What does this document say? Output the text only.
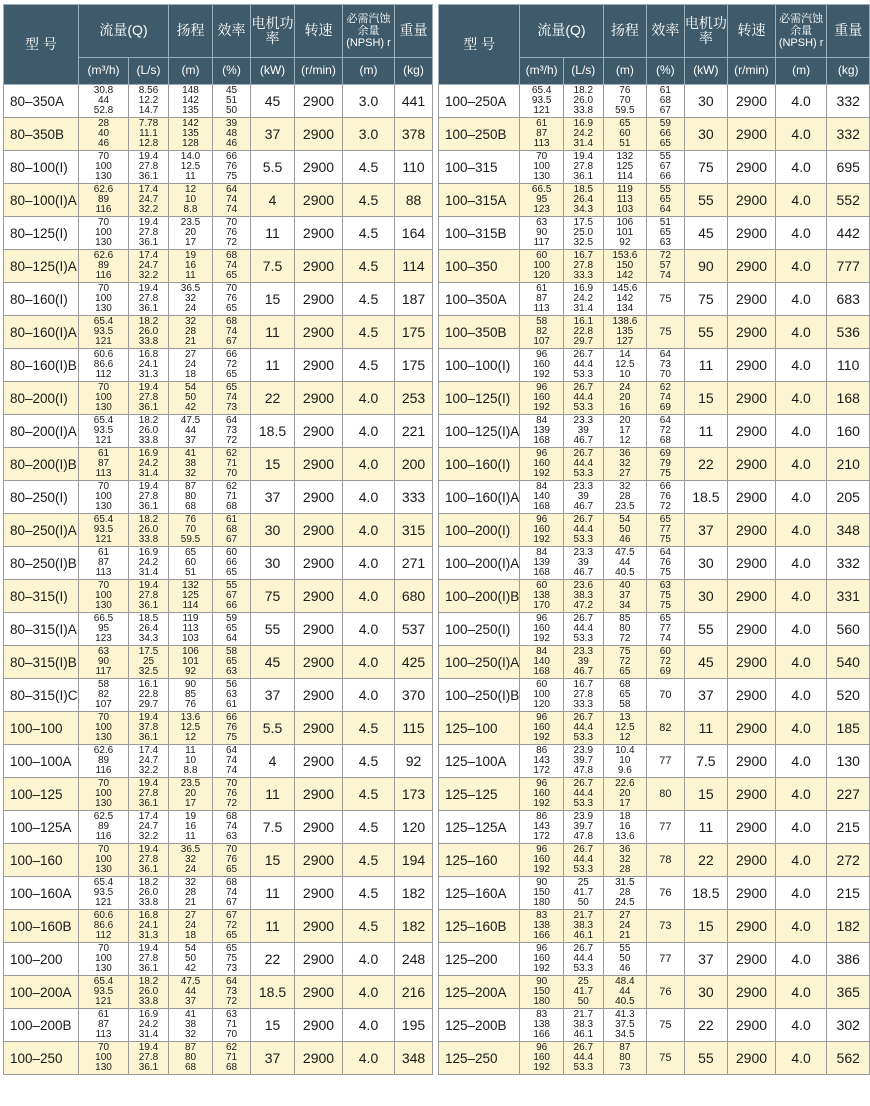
型 号	流量(Q)		扬程	效率	电机功率	转速	必需汽蚀余量(NPSH) r	重量
	(m³/h)	(L/s)	(m)	(%)	(kW)	(r/min)	(m)	(kg)
80–350A	30.8
44
52.8	8.56
12.2
14.7	148
142
135	45
51
50	45	2900	3.0	441
80–350B	28
40
46	7.78
11.1
12.8	142
135
128	39
48
46	37	2900	3.0	378
80–100(I)	70
100
130	19.4
27.8
36.1	14.0
12.5
11	66
76
75	5.5	2900	4.5	110
80–100(I)A	62.6
89
116	17.4
24.7
32.2	12
10
8.8	64
74
74	4	2900	4.5	88
80–125(I)	70
100
130	19.4
27.8
36.1	23.5
20
17	70
76
72	11	2900	4.5	164
80–125(I)A	62.6
89
116	17.4
24.7
32.2	19
16
11	68
74
65	7.5	2900	4.5	114
80–160(I)	70
100
130	19.4
27.8
36.1	36.5
32
24	70
76
65	15	2900	4.5	187
80–160(I)A	65.4
93.5
121	18.2
26.0
33.8	32
28
21	68
74
67	11	2900	4.5	175
80–160(I)B	60.6
86.6
112	16.8
24.1
31.3	27
24
18	66
72
65	11	2900	4.5	175
80–200(I)	70
100
130	19.4
27.8
36.1	54
50
42	65
74
73	22	2900	4.0	253
80–200(I)A	65.4
93.5
121	18.2
26.0
33.8	47.5
44
37	64
73
72	18.5	2900	4.0	221
80–200(I)B	61
87
113	16.9
24.2
31.4	41
38
32	62
71
70	15	2900	4.0	200
80–250(I)	70
100
130	19.4
27.8
36.1	87
80
68	62
71
68	37	2900	4.0	333
80–250(I)A	65.4
93.5
121	18.2
26.0
33.8	76
70
59.5	61
68
67	30	2900	4.0	315
80–250(I)B	61
87
113	16.9
24.2
31.4	65
60
51	60
66
65	30	2900	4.0	271
80–315(I)	70
100
130	19.4
27.8
36.1	132
125
114	55
67
66	75	2900	4.0	680
80–315(I)A	66.5
95
123	18.5
26.4
34.3	119
113
103	59
65
64	55	2900	4.0	537
80–315(I)B	63
90
117	17.5
25
32.5	106
101
92	58
65
63	45	2900	4.0	425
80–315(I)C	58
82
107	16.1
22.8
29.7	90
85
76	56
63
61	37	2900	4.0	370
100–100	70
100
130	19.4
37.8
36.1	13.6
12.5
12	66
76
75	5.5	2900	4.5	115
100–100A	62.6
89
116	17.4
24.7
32.2	11
10
8.8	64
74
74	4	2900	4.5	92
100–125	70
100
130	19.4
27.8
36.1	23.5
20
17	70
76
72	11	2900	4.5	173
100–125A	62.5
89
116	17.4
24.7
32.2	19
16
11	68
74
63	7.5	2900	4.5	120
100–160	70
100
130	19.4
27.8
36.1	36.5
32
24	70
76
65	15	2900	4.5	194
100–160A	65.4
93.5
121	18.2
26.0
33.8	32
28
21	68
74
67	11	2900	4.5	182
100–160B	60.6
86.6
112	16.8
24.1
31.3	27
24
18	67
72
65	11	2900	4.5	182
100–200	70
100
130	19.4
27.8
36.1	54
50
42	65
75
73	22	2900	4.0	248
100–200A	65.4
93.5
121	18.2
26.0
33.8	47.5
44
37	64
73
72	18.5	2900	4.0	216
100–200B	61
87
113	16.9
24.2
31.4	41
38
32	63
71
70	15	2900	4.0	195
100–250	70
100
130	19.4
27.8
36.1	87
80
68	62
71
68	37	2900	4.0	348
型 号	流量(Q)		扬程	效率	电机功率	转速	必需汽蚀余量(NPSH) r	重量
	(m³/h)	(L/s)	(m)	(%)	(kW)	(r/min)	(m)	(kg)
100–250A	65.4
93.5
121	18.2
26.0
33.8	76
70
59.5	61
68
67	30	2900	4.0	332
100–250B	61
87
113	16.9
24.2
31.4	65
60
51	59
66
65	30	2900	4.0	332
100–315	70
100
130	19.4
27.8
36.1	132
125
114	55
67
66	75	2900	4.0	695
100–315A	66.5
95
123	18.5
26.4
34.3	119
113
103	55
65
64	55	2900	4.0	552
100–315B	63
90
117	17.5
25.0
32.5	106
101
92	51
65
63	45	2900	4.0	442
100–350	60
100
120	16.7
27.8
33.3	153.6
150
142	72
57
74	90	2900	4.0	777
100–350A	61
87
113	16.9
24.2
31.4	145.6
142
134	75	75	2900	4.0	683
100–350B	58
82
107	16.1
22.8
29.7	138.6
135
127	75	55	2900	4.0	536
100–100(I)	96
160
192	26.7
44.4
53.3	14
12.5
10	64
73
70	11	2900	4.0	110
100–125(I)	96
160
192	26.7
44.4
53.3	24
20
16	62
74
69	15	2900	4.0	168
100–125(I)A	84
139
168	23.3
39
46.7	20
17
12	64
72
68	11	2900	4.0	160
100–160(I)	96
160
192	26.7
44.4
53.3	36
32
27	69
79
75	22	2900	4.0	210
100–160(I)A	84
140
168	23.3
39
46.7	32
28
23.5	66
76
72	18.5	2900	4.0	205
100–200(I)	96
160
192	26.7
44.4
53.3	54
50
46	65
77
75	37	2900	4.0	348
100–200(I)A	84
139
168	23.3
39
46.7	47.5
44
40.5	64
76
75	30	2900	4.0	332
100–200(I)B	60
138
170	23.6
38.3
47.2	40
37
34	63
75
75	30	2900	4.0	331
100–250(I)	96
160
192	26.7
44.4
53.3	85
80
72	65
77
74	55	2900	4.0	560
100–250(I)A	84
140
168	23.3
39
46.7	75
72
65	60
72
69	45	2900	4.0	540
100–250(I)B	60
100
120	16.7
27.8
33.3	68
65
58	70	37	2900	4.0	520
125–100	96
160
192	26.7
44.4
53.3	13
12.5
12	82	11	2900	4.0	185
125–100A	86
143
172	23.9
39.7
47.8	10.4
10
9.6	77	7.5	2900	4.0	130
125–125	96
160
192	26.7
44.4
53.3	22.6
20
17	80	15	2900	4.0	227
125–125A	86
143
172	23.9
39.7
47.8	18
16
13.6	77	11	2900	4.0	215
125–160	96
160
192	26.7
44.4
53.3	36
32
28	78	22	2900	4.0	272
125–160A	90
150
180	25
41.7
50	31.5
28
24.5	76	18.5	2900	4.0	215
125–160B	83
138
166	21.7
38.3
46.1	27
24
21	73	15	2900	4.0	182
125–200	96
160
192	26.7
44.4
53.3	55
50
46	77	37	2900	4.0	386
125–200A	90
150
180	25
41.7
50	48.4
44
40.5	76	30	2900	4.0	365
125–200B	83
138
166	21.7
38.3
46.1	41.3
37.5
34.5	75	22	2900	4.0	302
125–250	96
160
192	26.7
44.4
53.3	87
80
73	75	55	2900	4.0	562
